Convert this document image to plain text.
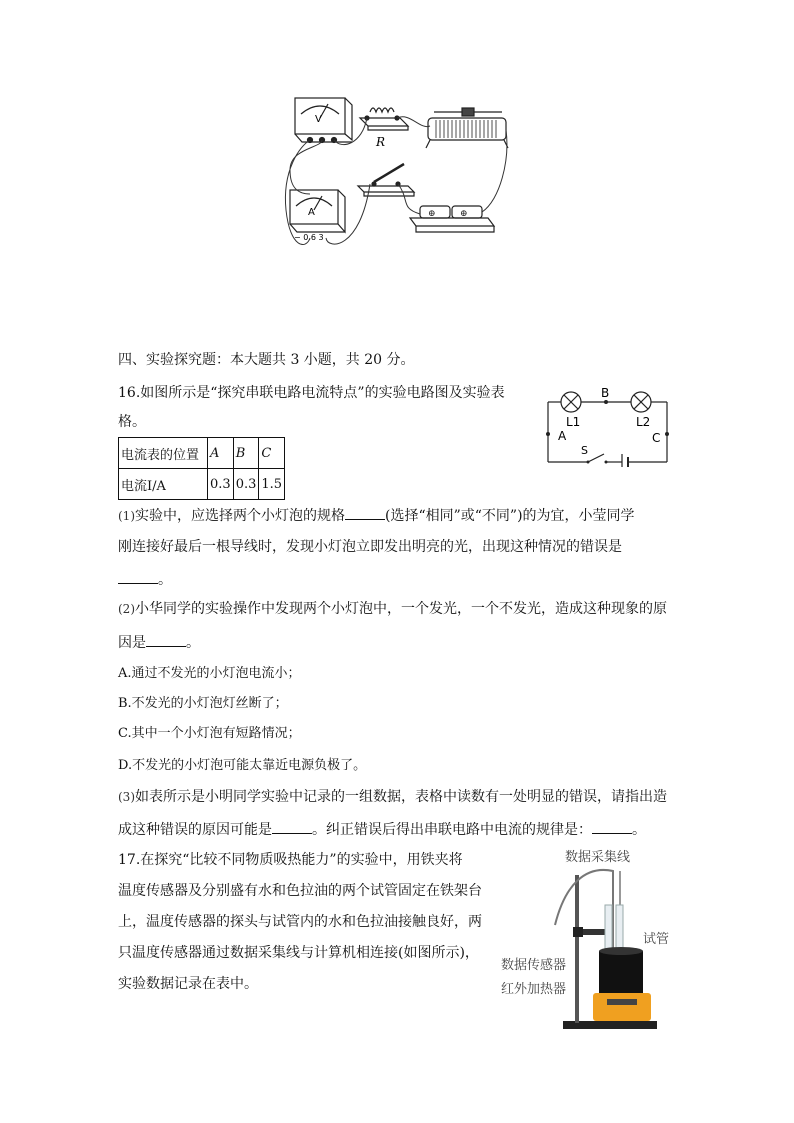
V
R
A
− 0.6 3
⊕	⊕
四、实验探究题：本大题共 3 小题，共 20 分。
16.如图所示是“探究串联电路电流特点”的实验电路图及实验表
格。
电流表的位置	A	B	C
电流I/A	0.3	0.3	1.5
B
L1	L2
A	C
S
(1)实验中，应选择两个小灯泡的规格	(选择“相同”或“不同”)的为宜，小莹同学
刚连接好最后一根导线时，发现小灯泡立即发出明亮的光，出现这种情况的错误是
。
(2)小华同学的实验操作中发现两个小灯泡中，一个发光，一个不发光，造成这种现象的原
因是	。
A.通过不发光的小灯泡电流小；
B.不发光的小灯泡灯丝断了；
C.其中一个小灯泡有短路情况；
D.不发光的小灯泡可能太靠近电源负极了。
(3)如表所示是小明同学实验中记录的一组数据，表格中读数有一处明显的错误，请指出造
成这种错误的原因可能是	。纠正错误后得出串联电路中电流的规律是：	。
17.在探究“比较不同物质吸热能力”的实验中，用铁夹将
温度传感器及分别盛有水和色拉油的两个试管固定在铁架台
上，温度传感器的探头与试管内的水和色拉油接触良好，两
只温度传感器通过数据采集线与计算机相连接(如图所示)，
实验数据记录在表中。
数据采集线
试管
数据传感器
红外加热器
